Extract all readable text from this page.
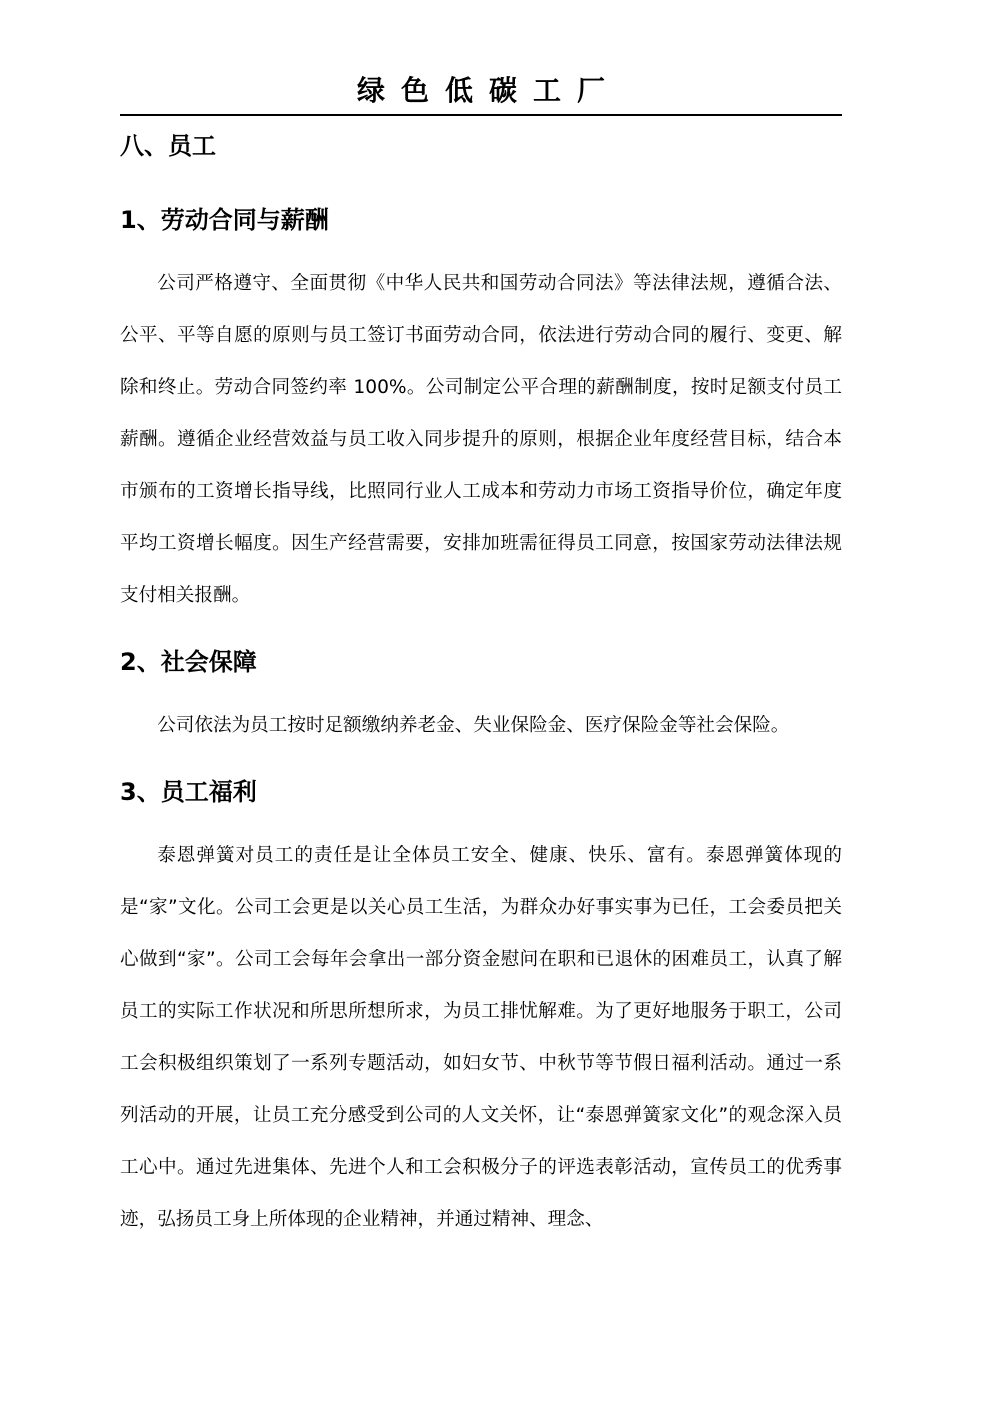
绿色低碳工厂
八、员工
1、劳动合同与薪酬

公司严格遵守、全面贯彻《中华人民共和国劳动合同法》等法律法规，遵循合法、公平、平等自愿的原则与员工签订书面劳动合同，依法进行劳动合同的履行、变更、解除和终止。劳动合同签约率 100%。公司制定公平合理的薪酬制度，按时足额支付员工薪酬。遵循企业经营效益与员工收入同步提升的原则，根据企业年度经营目标，结合本市颁布的工资增长指导线，比照同行业人工成本和劳动力市场工资指导价位，确定年度平均工资增长幅度。因生产经营需要，安排加班需征得员工同意，按国家劳动法律法规支付相关报酬。

2、社会保障

公司依法为员工按时足额缴纳养老金、失业保险金、医疗保险金等社会保险。

3、员工福利

泰恩弹簧对员工的责任是让全体员工安全、健康、快乐、富有。泰恩弹簧体现的是“家”文化。公司工会更是以关心员工生活，为群众办好事实事为已任，工会委员把关心做到“家”。公司工会每年会拿出一部分资金慰问在职和已退休的困难员工，认真了解员工的实际工作状况和所思所想所求，为员工排忧解难。为了更好地服务于职工，公司工会积极组织策划了一系列专题活动，如妇女节、中秋节等节假日福利活动。通过一系列活动的开展，让员工充分感受到公司的人文关怀，让“泰恩弹簧家文化”的观念深入员工心中。通过先进集体、先进个人和工会积极分子的评选表彰活动，宣传员工的优秀事迹，弘扬员工身上所体现的企业精神，并通过精神、理念、
